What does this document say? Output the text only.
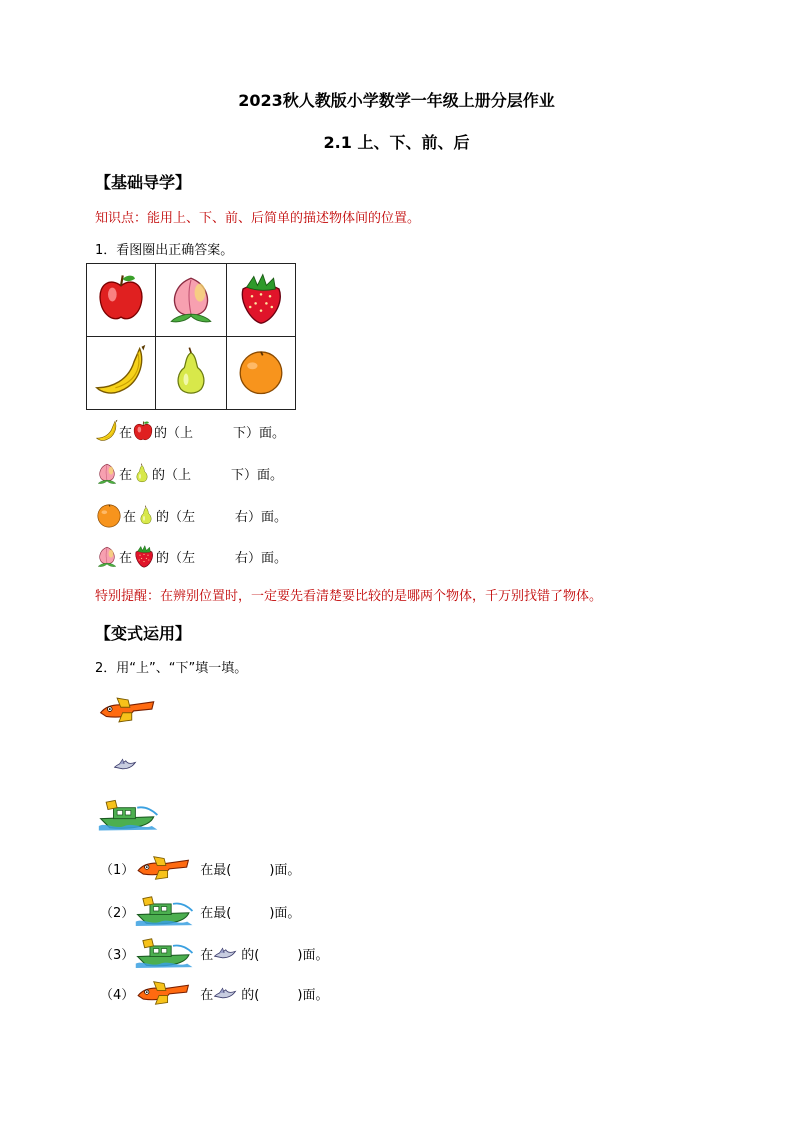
2023秋人教版小学数学一年级上册分层作业
2.1 上、下、前、后
【基础导学】
知识点：能用上、下、前、后简单的描述物体间的位置。
1．看图圈出正确答案。

在 的（ 上	下）面。
在 的（ 上	下）面。
在 的（ 左	右）面。
在 的（ 左	右）面。
特别提醒：在辨别位置时，一定要先看清楚要比较的是哪两个物体，千万别找错了物体。
【变式运用】
2．用“上”、“下”填一填。
（1）	在最(	)面。
（2）	在最(	)面。
（3）	在 的(	)面。
（4）	在 的(	)面。
